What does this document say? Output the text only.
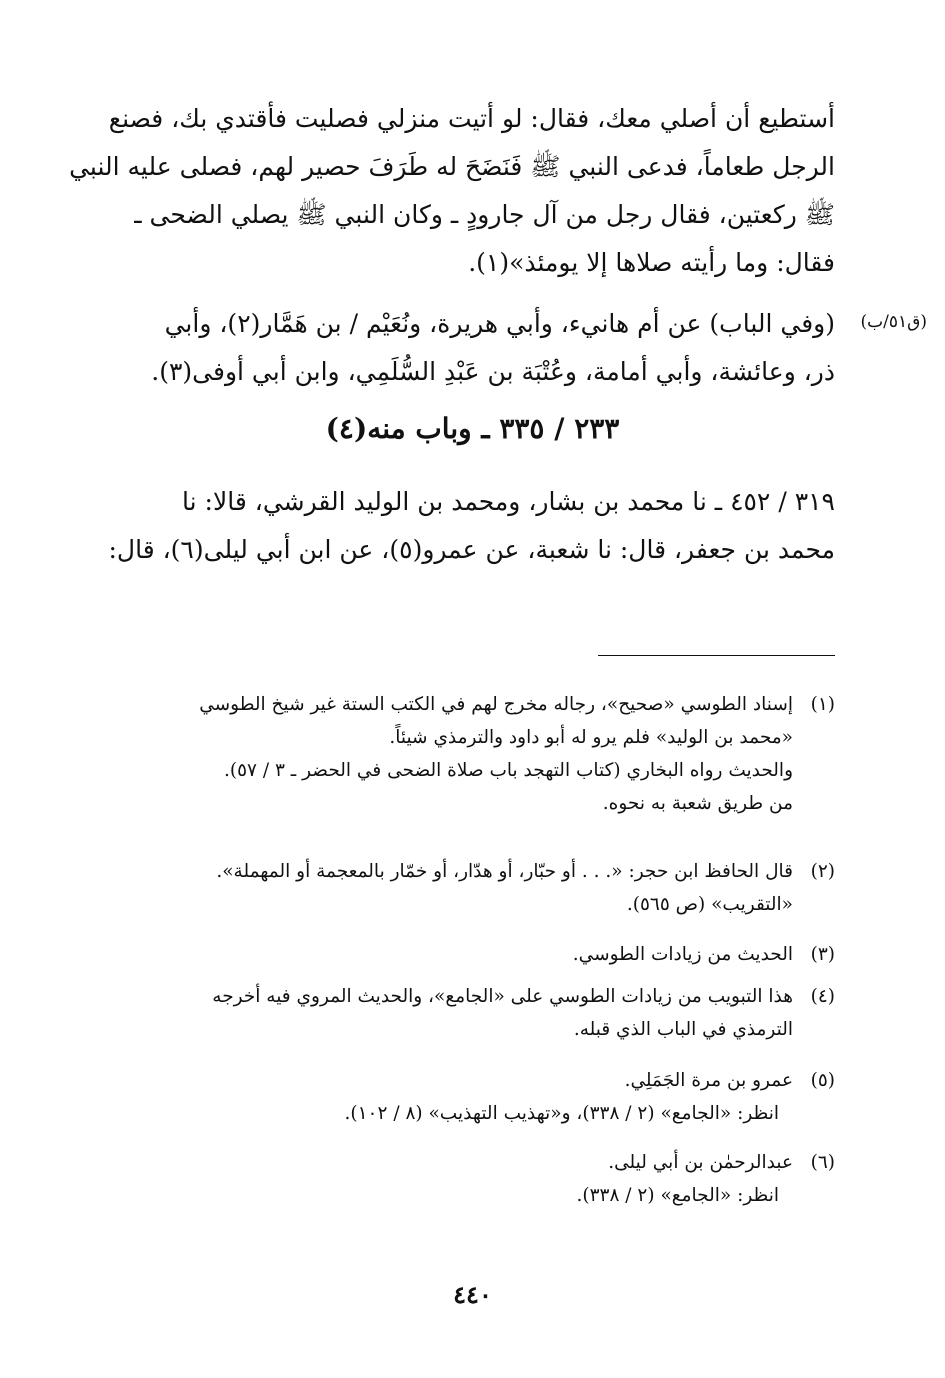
أستطيع أن أصلي معك، فقال: لو أتيت منزلي فصليت فأقتدي بك، فصنع
الرجل طعاماً، فدعى النبي ﷺ فَنَضَحَ له طَرَفَ حصير لهم، فصلى عليه النبي
ﷺ ركعتين، فقال رجل من آل جارودٍ ـ وكان النبي ﷺ يصلي الضحى ـ
فقال: وما رأيته صلاها إلا يومئذ»(١).
(ق٥١/ب)
(وفي الباب) عن أم هانيء، وأبي هريرة، ونُعَيْم / بن هَمَّار(٢)، وأبي
ذر، وعائشة، وأبي أمامة، وعُتْبَة بن عَبْدِ السُّلَمِي، وابن أبي أوفى(٣).
٢٣٣ / ٣٣٥ ـ وباب منه(٤)
٣١٩ / ٤٥٢ ـ نا محمد بن بشار، ومحمد بن الوليد القرشي، قالا: نا
محمد بن جعفر، قال: نا شعبة، عن عمرو(٥)، عن ابن أبي ليلى(٦)، قال:
(١)إسناد الطوسي «صحيح»، رجاله مخرج لهم في الكتب الستة غير شيخ الطوسي
«محمد بن الوليد» فلم يرو له أبو داود والترمذي شيئاً.
والحديث رواه البخاري (كتاب التهجد باب صلاة الضحى في الحضر ـ ٣ / ٥٧).
من طريق شعبة به نحوه.
(٢)قال الحافظ ابن حجر: «. . . أو حبّار، أو هدّار، أو خمّار بالمعجمة أو المهملة».
«التقريب» (ص ٥٦٥).
(٣)الحديث من زيادات الطوسي.
(٤)هذا التبويب من زيادات الطوسي على «الجامع»، والحديث المروي فيه أخرجه
الترمذي في الباب الذي قبله.
(٥)عمرو بن مرة الجَمَلِي.
انظر: «الجامع» (٢ / ٣٣٨)، و«تهذيب التهذيب» (٨ / ١٠٢).
(٦)عبدالرحمٰن بن أبي ليلى.
انظر: «الجامع» (٢ / ٣٣٨).
٤٤٠
